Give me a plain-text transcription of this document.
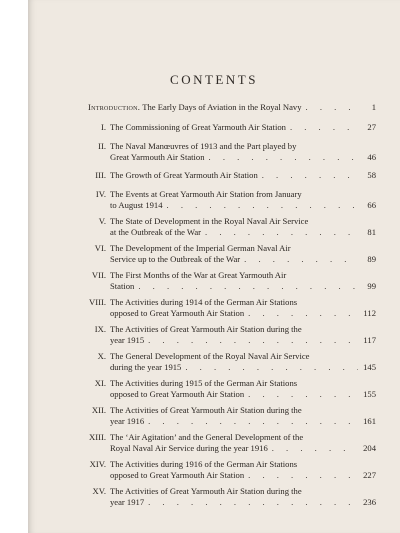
CONTENTS
Introduction. The Early Days of Aviation in the Royal Navy . . .	1
I. The Commissioning of Great Yarmouth Air Station . . .	27
II. The Naval Manœuvres of 1913 and the Part played by
Great Yarmouth Air Station . . .	46
III. The Growth of Great Yarmouth Air Station . . .	58
IV. The Events at Great Yarmouth Air Station from January
to August 1914 . . .	66
V. The State of Development in the Royal Naval Air Service
at the Outbreak of the War . . .	81
VI. The Development of the Imperial German Naval Air
Service up to the Outbreak of the War . . .	89
VII. The First Months of the War at Great Yarmouth Air
Station . . .	99
VIII. The Activities during 1914 of the German Air Stations
opposed to Great Yarmouth Air Station . . .	112
IX. The Activities of Great Yarmouth Air Station during the
year 1915 . . .	117
X. The General Development of the Royal Naval Air Service
during the year 1915 . . .	145
XI. The Activities during 1915 of the German Air Stations
opposed to Great Yarmouth Air Station . . .	155
XII. The Activities of Great Yarmouth Air Station during the
year 1916 . . .	161
XIII. The ‘Air Agitation’ and the General Development of the
Royal Naval Air Service during the year 1916 . . .	204
XIV. The Activities during 1916 of the German Air Stations
opposed to Great Yarmouth Air Station . . .	227
XV. The Activities of Great Yarmouth Air Station during the
year 1917 . . .	236
